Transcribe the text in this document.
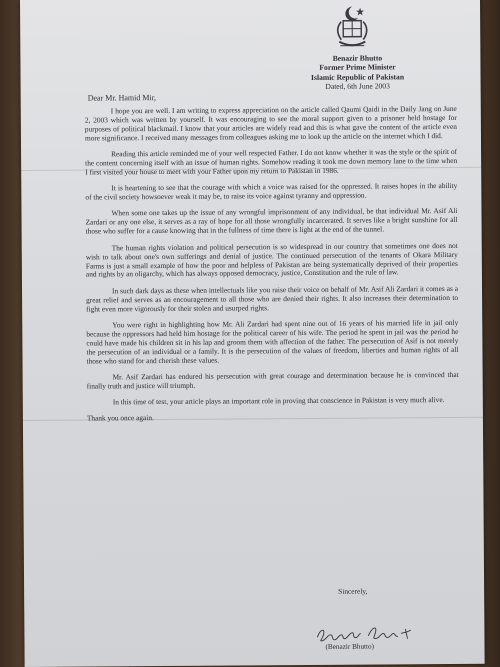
Benazir Bhutto
Former Prime Minister
Islamic Republic of Pakistan
Dated, 6th June 2003
Dear Mr. Hamid Mir,

I hope you are well. I am writing to express appreciation on the article called Qaumi Qaidi in the Daily Jang on June 2, 2003 which was written by yourself. It was encouraging to see the moral support given to a prisoner held hostage for purposes of political blackmail. I know that your articles are widely read and this is what gave the content of the article even more significance. I received many messages from colleagues asking me to look up the article on the internet which I did.

Reading this article reminded me of your well respected Father. I do not know whether it was the style or the spirit of the content concerning itself with an issue of human rights. Somehow reading it took me down memory lane to the time when I first visited your house to meet with your Father upon my return to Pakistan in 1986.

It is heartening to see that the courage with which a voice was raised for the oppressed. It raises hopes in the ability of the civil society howsoever weak it may be, to raise its voice against tyranny and oppression.

When some one takes up the issue of any wrongful imprisonment of any individual, be that individual Mr. Asif Ali Zardari or any one else, it serves as a ray of hope for all those wrongfully incarcerated. It serves like a bright sunshine for all those who suffer for a cause knowing that in the fullness of time there is light at the end of the tunnel.

The human rights violation and political persecution is so widespread in our country that sometimes one does not wish to talk about one's own sufferings and denial of justice. The continued persecution of the tenants of Okara Military Farms is just a small example of how the poor and helpless of Pakistan are being systematically deprived of their properties and rights by an oligarchy, which has always opposed democracy, justice, Constitution and the rule of law.

In such dark days as these when intellectuals like you raise their voice on behalf of Mr. Asif Ali Zardari it comes as a great relief and serves as an encouragement to all those who are denied their rights. It also increases their determination to fight even more vigorously for their stolen and usurped rights.

You were right in highlighting how Mr. Ali Zardari had spent nine out of 16 years of his married life in jail only because the oppressors had held him hostage for the political career of his wife. The period he spent in jail was the period he could have made his children sit in his lap and groom them with affection of the father. The persecution of Asif is not merely the persecution of an individual or a family. It is the persecution of the values of freedom, liberties and human rights of all those who stand for and cherish these values.

Mr. Asif Zardari has endured his persecution with great courage and determination because he is convinced that finally truth and justice will triumph.

In this time of test, your article plays an important role in proving that conscience in Pakistan is very much alive.

Thank you once again.

Sincerely,
(Benazir Bhutto)
